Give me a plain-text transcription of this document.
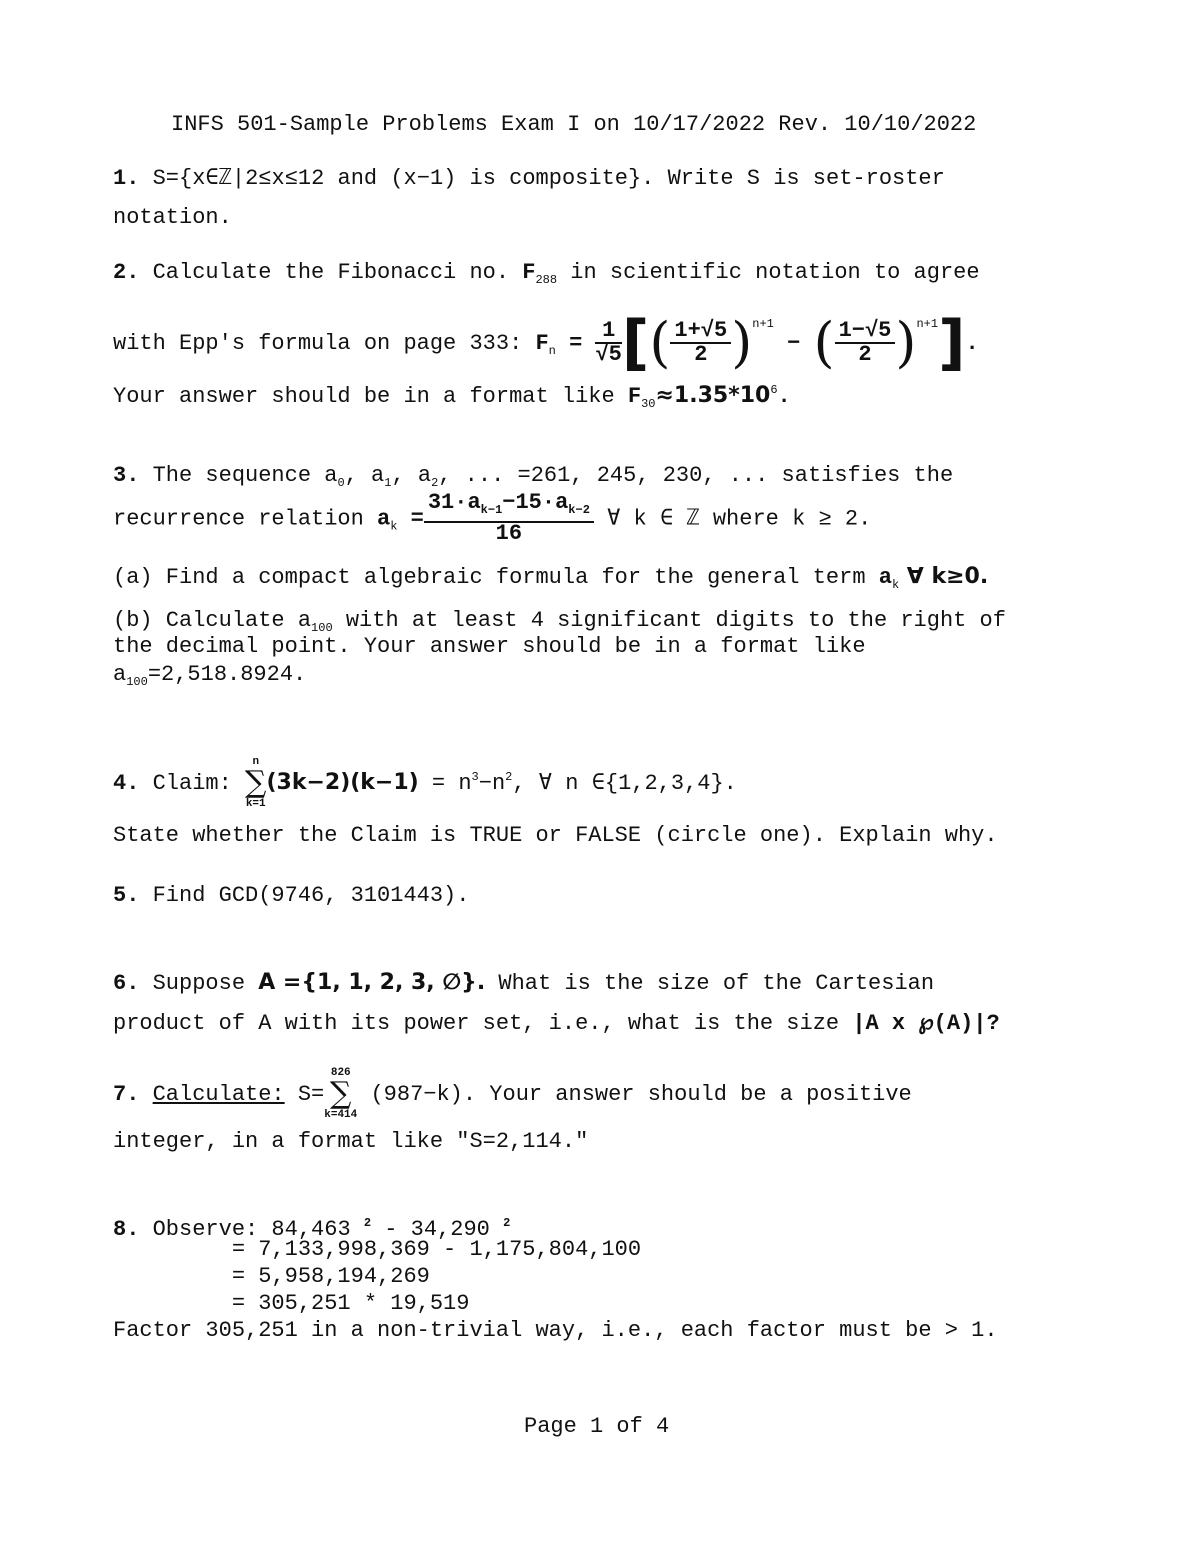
INFS 501-Sample Problems Exam I on 10/17/2022 Rev. 10/10/2022
1. S={x∈ℤ|2≤x≤12 and (x−1) is composite}. Write S is set-roster
notation.
2. Calculate the Fibonacci no. $F_{288}$ in scientific notation to agree
with Epp's formula on page 333: $F_n = \frac{1}{√5}$ [( $\frac{1+√5}{2} )^{n+1}$ − ( $\frac{1-√5}{2} )^{n+1}$].
Your answer should be in a format like $F_{30}\approx 1.35*10^6$.
3. The sequence $a_0$, $a_1$, $a_2$, ... =261, 245, 230, ... satisfies the
recurrence relation $a_k = \frac{31\cdot a_{k-1}-15\cdot a_{k-2}}{16}$ ∀ k ∈ ℤ where k ≥ 2.
(a) Find a compact algebraic formula for the general term $a_k$ ∀ k≥0.
(b) Calculate $a_{100}$ with at least 4 significant digits to the right of
the decimal point. Your answer should be in a format like
$a_{100}=2,518.8924$.
4. Claim:
n
∑
k=1
$(3k-2)(k-1) = n^3-n^2$, ∀ n ∈{1,2,3,4}.
State whether the Claim is TRUE or FALSE (circle one). Explain why.
5. Find GCD(9746, 3101443).
6. Suppose A ={1, 1, 2, 3, ∅}. What is the size of the Cartesian
product of A with its power set, i.e., what is the size |A x ℘(A)|?
7. Calculate: S=
826
∑
k=414
(987−k). Your answer should be a positive
integer, in a format like "S=2,114."
8. Observe: 84,463 $^2$ - 34,290 $^2$
= 7,133,998,369 - 1,175,804,100
= 5,958,194,269
= 305,251 * 19,519
Factor 305,251 in a non-trivial way, i.e., each factor must be > 1.
Page 1 of 4
